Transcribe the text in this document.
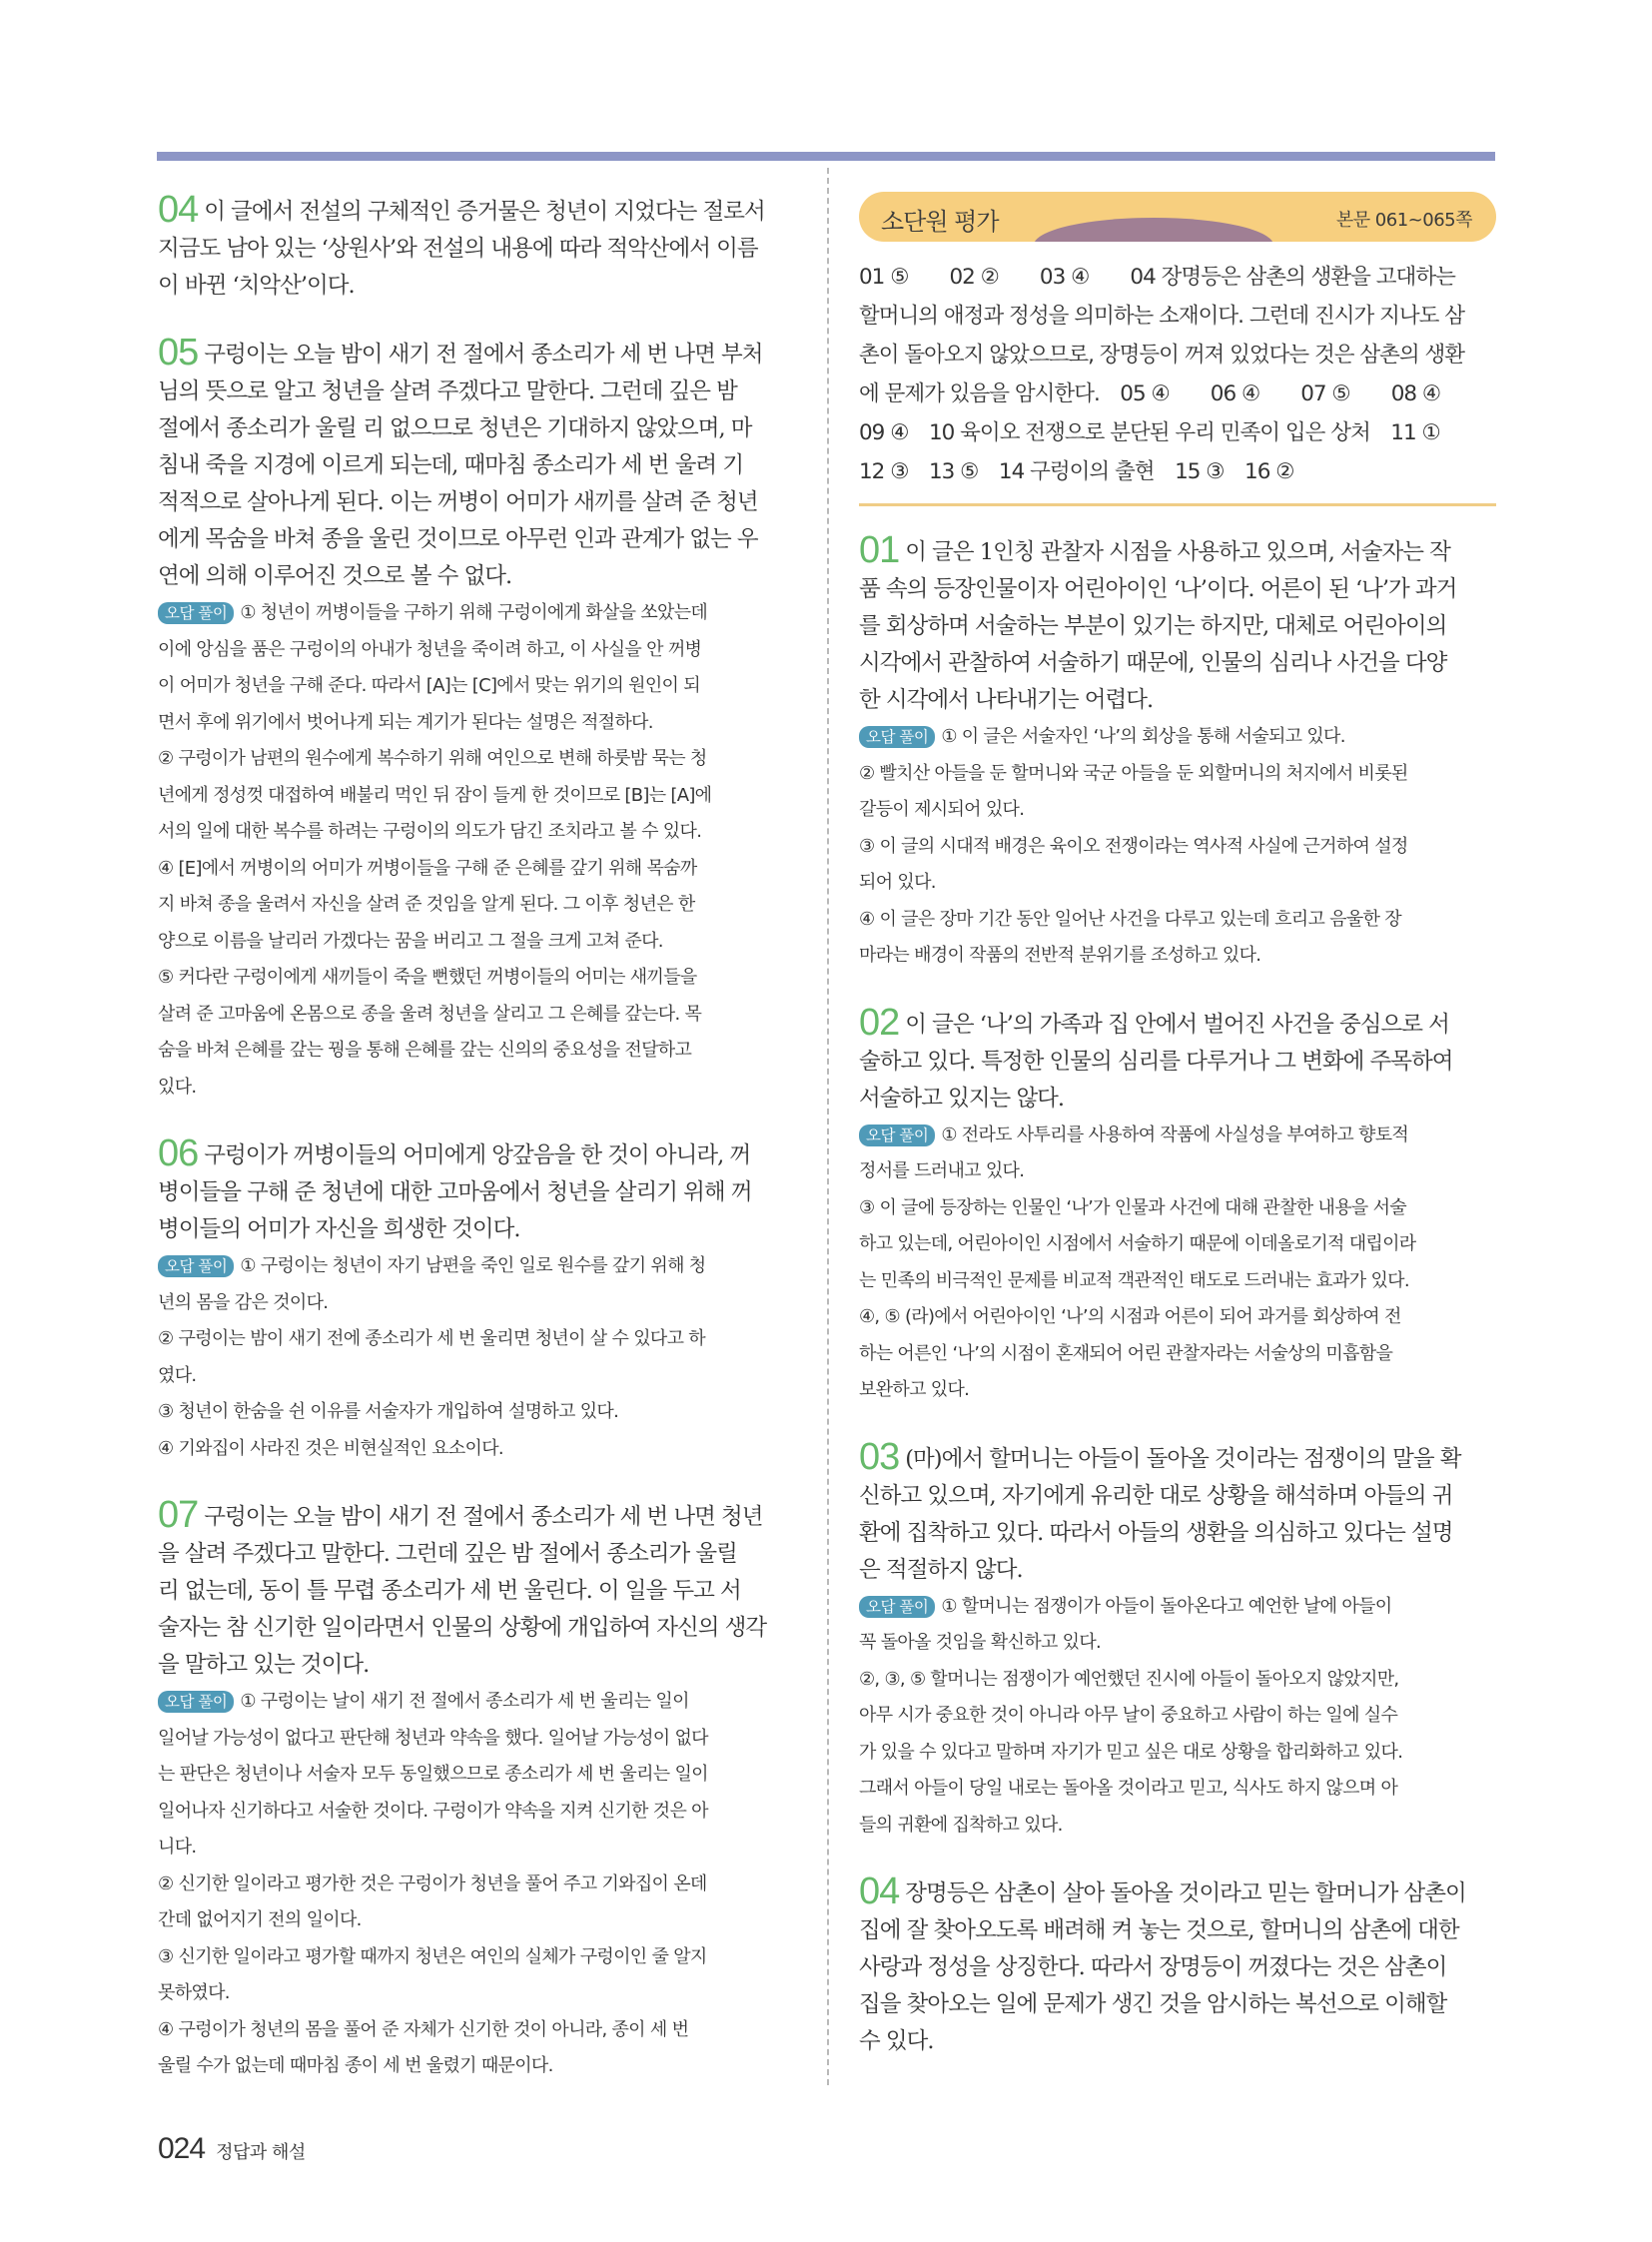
04 이 글에서 전설의 구체적인 증거물은 청년이 지었다는 절로서
지금도 남아 있는 ‘상원사’와 전설의 내용에 따라 적악산에서 이름
이 바뀐 ‘치악산’이다.
05 구렁이는 오늘 밤이 새기 전 절에서 종소리가 세 번 나면 부처
님의 뜻으로 알고 청년을 살려 주겠다고 말한다. 그런데 깊은 밤
절에서 종소리가 울릴 리 없으므로 청년은 기대하지 않았으며, 마
침내 죽을 지경에 이르게 되는데, 때마침 종소리가 세 번 울려 기
적적으로 살아나게 된다. 이는 꺼병이 어미가 새끼를 살려 준 청년
에게 목숨을 바쳐 종을 울린 것이므로 아무런 인과 관계가 없는 우
연에 의해 이루어진 것으로 볼 수 없다.
오답 풀이 ① 청년이 꺼병이들을 구하기 위해 구렁이에게 화살을 쏘았는데
이에 앙심을 품은 구렁이의 아내가 청년을 죽이려 하고, 이 사실을 안 꺼병
이 어미가 청년을 구해 준다. 따라서 [A]는 [C]에서 맞는 위기의 원인이 되
면서 후에 위기에서 벗어나게 되는 계기가 된다는 설명은 적절하다.
② 구렁이가 남편의 원수에게 복수하기 위해 여인으로 변해 하룻밤 묵는 청
년에게 정성껏 대접하여 배불리 먹인 뒤 잠이 들게 한 것이므로 [B]는 [A]에
서의 일에 대한 복수를 하려는 구렁이의 의도가 담긴 조치라고 볼 수 있다.
④ [E]에서 꺼병이의 어미가 꺼병이들을 구해 준 은혜를 갚기 위해 목숨까
지 바쳐 종을 울려서 자신을 살려 준 것임을 알게 된다. 그 이후 청년은 한
양으로 이름을 날리러 가겠다는 꿈을 버리고 그 절을 크게 고쳐 준다.
⑤ 커다란 구렁이에게 새끼들이 죽을 뻔했던 꺼병이들의 어미는 새끼들을
살려 준 고마움에 온몸으로 종을 울려 청년을 살리고 그 은혜를 갚는다. 목
숨을 바쳐 은혜를 갚는 꿩을 통해 은혜를 갚는 신의의 중요성을 전달하고
있다.
06 구렁이가 꺼병이들의 어미에게 앙갚음을 한 것이 아니라, 꺼
병이들을 구해 준 청년에 대한 고마움에서 청년을 살리기 위해 꺼
병이들의 어미가 자신을 희생한 것이다.
오답 풀이 ① 구렁이는 청년이 자기 남편을 죽인 일로 원수를 갚기 위해 청
년의 몸을 감은 것이다.
② 구렁이는 밤이 새기 전에 종소리가 세 번 울리면 청년이 살 수 있다고 하
였다.
③ 청년이 한숨을 쉰 이유를 서술자가 개입하여 설명하고 있다.
④ 기와집이 사라진 것은 비현실적인 요소이다.
07 구렁이는 오늘 밤이 새기 전 절에서 종소리가 세 번 나면 청년
을 살려 주겠다고 말한다. 그런데 깊은 밤 절에서 종소리가 울릴
리 없는데, 동이 틀 무렵 종소리가 세 번 울린다. 이 일을 두고 서
술자는 참 신기한 일이라면서 인물의 상황에 개입하여 자신의 생각
을 말하고 있는 것이다.
오답 풀이 ① 구렁이는 날이 새기 전 절에서 종소리가 세 번 울리는 일이
일어날 가능성이 없다고 판단해 청년과 약속을 했다. 일어날 가능성이 없다
는 판단은 청년이나 서술자 모두 동일했으므로 종소리가 세 번 울리는 일이
일어나자 신기하다고 서술한 것이다. 구렁이가 약속을 지켜 신기한 것은 아
니다.
② 신기한 일이라고 평가한 것은 구렁이가 청년을 풀어 주고 기와집이 온데
간데 없어지기 전의 일이다.
③ 신기한 일이라고 평가할 때까지 청년은 여인의 실체가 구렁이인 줄 알지
못하였다.
④ 구렁이가 청년의 몸을 풀어 준 자체가 신기한 것이 아니라, 종이 세 번
울릴 수가 없는데 때마침 종이 세 번 울렸기 때문이다.
소단원 평가	본문 061~065쪽
01 ⑤　　02 ②　　03 ④　　04 장명등은 삼촌의 생환을 고대하는
할머니의 애정과 정성을 의미하는 소재이다. 그런데 진시가 지나도 삼
촌이 돌아오지 않았으므로, 장명등이 꺼져 있었다는 것은 삼촌의 생환
에 문제가 있음을 암시한다.　05 ④　　06 ④　　07 ⑤　　08 ④
09 ④　10 육이오 전쟁으로 분단된 우리 민족이 입은 상처　11 ①
12 ③　13 ⑤　14 구렁이의 출현　15 ③　16 ②
01 이 글은 1인칭 관찰자 시점을 사용하고 있으며, 서술자는 작
품 속의 등장인물이자 어린아이인 ‘나’이다. 어른이 된 ‘나’가 과거
를 회상하며 서술하는 부분이 있기는 하지만, 대체로 어린아이의
시각에서 관찰하여 서술하기 때문에, 인물의 심리나 사건을 다양
한 시각에서 나타내기는 어렵다.
오답 풀이 ① 이 글은 서술자인 ‘나’의 회상을 통해 서술되고 있다.
② 빨치산 아들을 둔 할머니와 국군 아들을 둔 외할머니의 처지에서 비롯된
갈등이 제시되어 있다.
③ 이 글의 시대적 배경은 육이오 전쟁이라는 역사적 사실에 근거하여 설정
되어 있다.
④ 이 글은 장마 기간 동안 일어난 사건을 다루고 있는데 흐리고 음울한 장
마라는 배경이 작품의 전반적 분위기를 조성하고 있다.
02 이 글은 ‘나’의 가족과 집 안에서 벌어진 사건을 중심으로 서
술하고 있다. 특정한 인물의 심리를 다루거나 그 변화에 주목하여
서술하고 있지는 않다.
오답 풀이 ① 전라도 사투리를 사용하여 작품에 사실성을 부여하고 향토적
정서를 드러내고 있다.
③ 이 글에 등장하는 인물인 ‘나’가 인물과 사건에 대해 관찰한 내용을 서술
하고 있는데, 어린아이인 시점에서 서술하기 때문에 이데올로기적 대립이라
는 민족의 비극적인 문제를 비교적 객관적인 태도로 드러내는 효과가 있다.
④, ⑤ (라)에서 어린아이인 ‘나’의 시점과 어른이 되어 과거를 회상하여 전
하는 어른인 ‘나’의 시점이 혼재되어 어린 관찰자라는 서술상의 미흡함을
보완하고 있다.
03 (마)에서 할머니는 아들이 돌아올 것이라는 점쟁이의 말을 확
신하고 있으며, 자기에게 유리한 대로 상황을 해석하며 아들의 귀
환에 집착하고 있다. 따라서 아들의 생환을 의심하고 있다는 설명
은 적절하지 않다.
오답 풀이 ① 할머니는 점쟁이가 아들이 돌아온다고 예언한 날에 아들이
꼭 돌아올 것임을 확신하고 있다.
②, ③, ⑤ 할머니는 점쟁이가 예언했던 진시에 아들이 돌아오지 않았지만,
아무 시가 중요한 것이 아니라 아무 날이 중요하고 사람이 하는 일에 실수
가 있을 수 있다고 말하며 자기가 믿고 싶은 대로 상황을 합리화하고 있다.
그래서 아들이 당일 내로는 돌아올 것이라고 믿고, 식사도 하지 않으며 아
들의 귀환에 집착하고 있다.
04 장명등은 삼촌이 살아 돌아올 것이라고 믿는 할머니가 삼촌이
집에 잘 찾아오도록 배려해 켜 놓는 것으로, 할머니의 삼촌에 대한
사랑과 정성을 상징한다. 따라서 장명등이 꺼졌다는 것은 삼촌이
집을 찾아오는 일에 문제가 생긴 것을 암시하는 복선으로 이해할
수 있다.
024 정답과 해설
